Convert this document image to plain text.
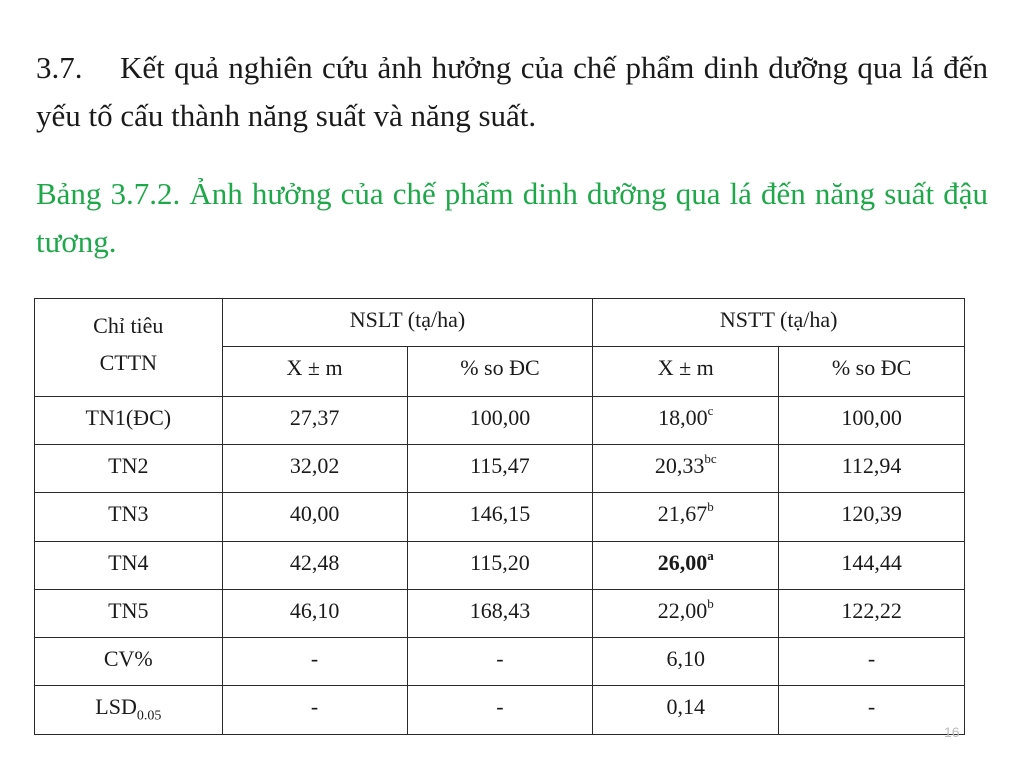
3.7. Kết quả nghiên cứu ảnh hưởng của chế phẩm dinh dưỡng qua lá đến yếu tố cấu thành năng suất và năng suất.
Bảng 3.7.2. Ảnh hưởng của chế phẩm dinh dưỡng qua lá đến năng suất đậu tương.
Chỉ tiêu
CTTN	NSLT (tạ/ha)		NSTT (tạ/ha)	
	X ± m	% so ĐC	X ± m	% so ĐC
TN1(ĐC)	27,37	100,00	18,00$^c$	100,00
TN2	32,02	115,47	20,33$^{bc}$	112,94
TN3	40,00	146,15	21,67$^b$	120,39
TN4	42,48	115,20	26,00$^a$	144,44
TN5	46,10	168,43	22,00$^b$	122,22
CV%	-	-	6,10	-
$LSD_{0.05}$	-	-	0,14	-
16
